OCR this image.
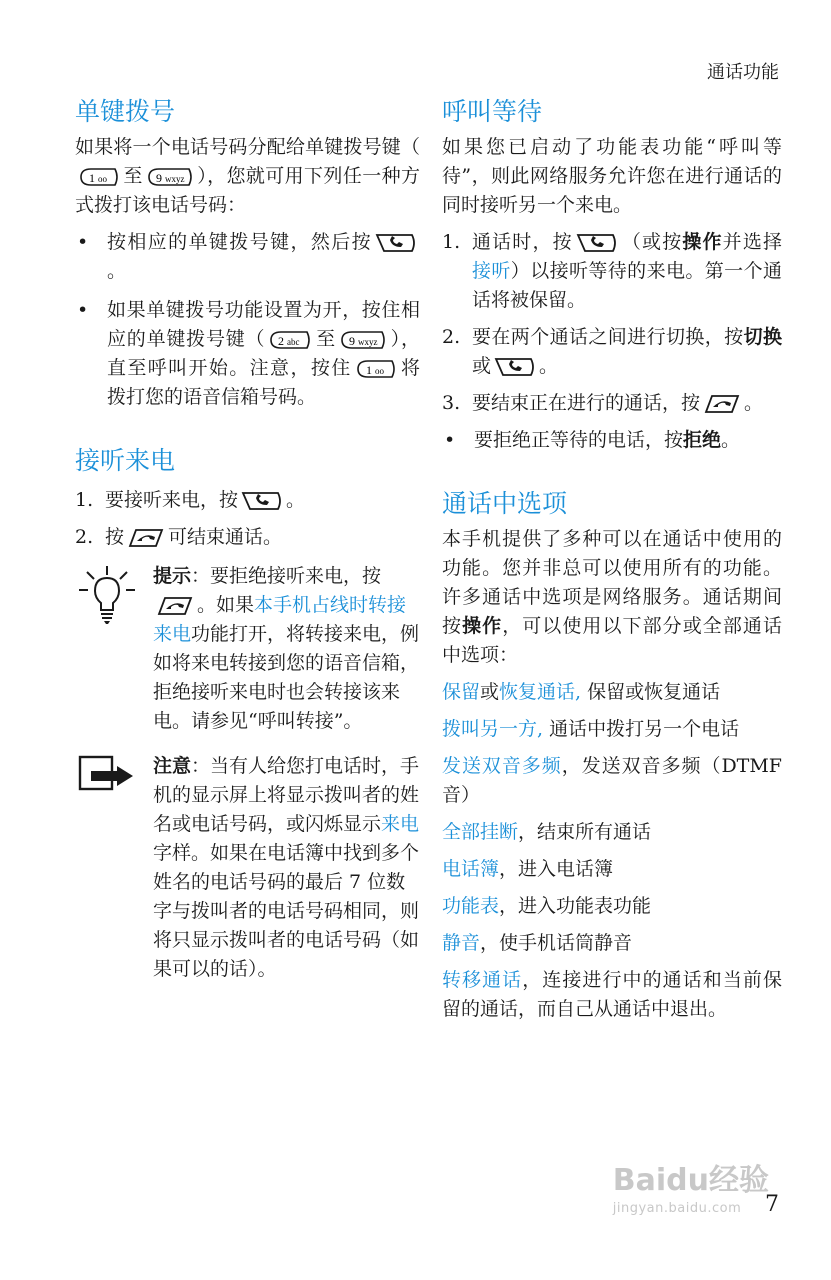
通话功能
单键拨号

如果将一个电话号码分配给单键拨号键（
1 oo 至 9 wxyz ），您就可用下列任一种方式拨打该电话号码：

• 按相应的单键拨号键，然后按
。
• 如果单键拨号功能设置为开，按住相应的单键拨号键（ 2 abc 至 9 wxyz ），直至呼叫开始。注意，按住 1 oo 将拨打您的语音信箱号码。
接听来电
1. 要接听来电，按	。
2. 按 可结束通话。

提示：要拒绝接听来电，按
。如果本手机占线时转接来电功能打开，将转接来电，例如将来电转接到您的语音信箱，拒绝接听来电时也会转接该来电。请参见“呼叫转接”。

注意：当有人给您打电话时，手机的显示屏上将显示拨叫者的姓名或电话号码，或闪烁显示来电字样。如果在电话簿中找到多个姓名的电话号码的最后 7 位数字与拨叫者的电话号码相同，则将只显示拨叫者的电话号码（如果可以的话）。

呼叫等待

如果您已启动了功能表功能“呼叫等待”，则此网络服务允许您在进行通话的同时接听另一个来电。

1. 通话时，按	（或按操作并选择接听）以接听等待的来电。第一个通话将被保留。
2. 要在两个通话之间进行切换，按切换或	。
3. 要结束正在进行的通话，按 。
• 要拒绝正等待的电话，按拒绝。
通话中选项

本手机提供了多种可以在通话中使用的功能。您并非总可以使用所有的功能。许多通话中选项是网络服务。通话期间按操作，可以使用以下部分或全部通话中选项：

保留或恢复通话, 保留或恢复通话

拨叫另一方, 通话中拨打另一个电话

发送双音多频，发送双音多频（DTMF 音）

全部挂断，结束所有通话

电话簿，进入电话簿

功能表，进入功能表功能

静音，使手机话筒静音

转移通话，连接进行中的通话和当前保留的通话，而自己从通话中退出。

Baidu经验
jingyan.baidu.com	7
